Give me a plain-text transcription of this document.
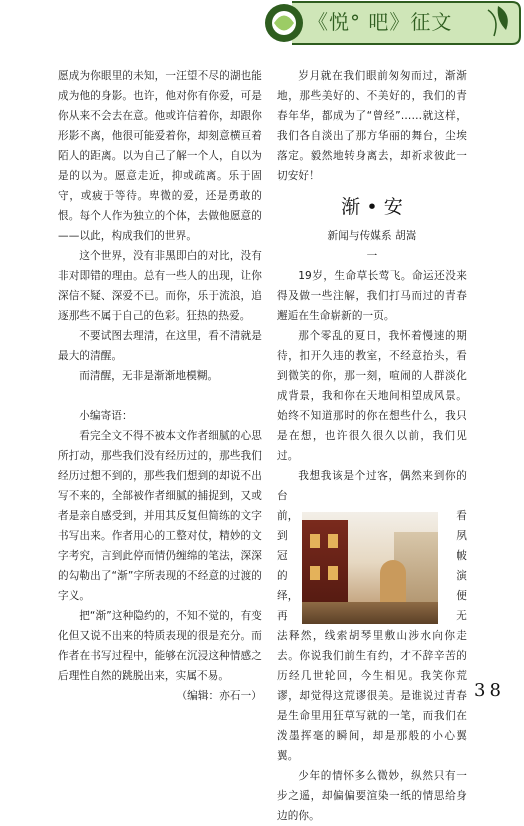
《悦° 吧》征文

愿成为你眼里的未知，一汪望不尽的湖也能成为他的身影。也许，他对你有你爱，可是你从来不会去在意。他或许信着你，却跟你形影不离，他很可能爱着你，却刻意横亘着陌人的距离。以为自己了解一个人，自以为是的以为。愿意走近，抑或疏离。乐于固守，或疲于等待。卑微的爱，还是勇敢的恨。每个人作为独立的个体，去做他愿意的——以此，构成我们的世界。

这个世界，没有非黑即白的对比，没有非对即错的理由。总有一些人的出现，让你深信不疑、深爱不已。而你，乐于流浪，追逐那些不属于自己的色彩。狂热的热爱。

不要试图去理清，在这里，看不清就是最大的清醒。

而清醒，无非是渐渐地模糊。

小编寄语：

看完全文不得不被本文作者细腻的心思所打动，那些我们没有经历过的，那些我们经历过想不到的，那些我们想到的却说不出写不来的，全部被作者细腻的捕捉到，又或者是亲自感受到，并用其反复但简练的文字书写出来。作者用心的工整对仗，精妙的文字考究，言到此停而情仍缠绵的笔法，深深的勾勒出了“渐”字所表现的不经意的过渡的字义。

把“渐”这种隐约的，不知不觉的，有变化但又说不出来的特质表现的很是充分。而作者在书写过程中，能够在沉浸这种情感之后理性自然的跳脱出来，实属不易。

（编辑：亦石一）

岁月就在我们眼前匆匆而过，渐渐地，那些美好的、不美好的，我们的青春年华，都成为了“曾经”……就这样，我们各自淡出了那方华丽的舞台，尘埃落定。毅然地转身离去，却祈求彼此一切安好！

渐 • 安

新闻与传媒系 胡嵩

一

19岁，生命草长莺飞。命运还没来得及做一些注解，我们打马而过的青春邂逅在生命崭新的一页。

那个零乱的夏日，我怀着慢速的期待，扣开久违的教室，不经意抬头，看到微笑的你，那一刻，喧闹的人群淡化成背景，我和你在天地间相望成风景。始终不知道那时的你在想些什么，我只是在想，也许很久很久以前，我们见过。

我想我该是个过客，偶然来到你的台

前，
到
冠
的
绎，
再
看
夙
帔
演
便
无

法释然，线索胡琴里敷山涉水向你走去。你说我们前生有约，才不辞辛苦的历经几世轮回，今生相见。我笑你荒谬，却觉得这荒谬很美。是谁说过青春是生命里用狂草写就的一笔，而我们在泼墨挥毫的瞬间，却是那般的小心翼翼。

少年的情怀多么微妙，纵然只有一步之遥，却偏偏要渲染一纸的情思给身边的你。

38
